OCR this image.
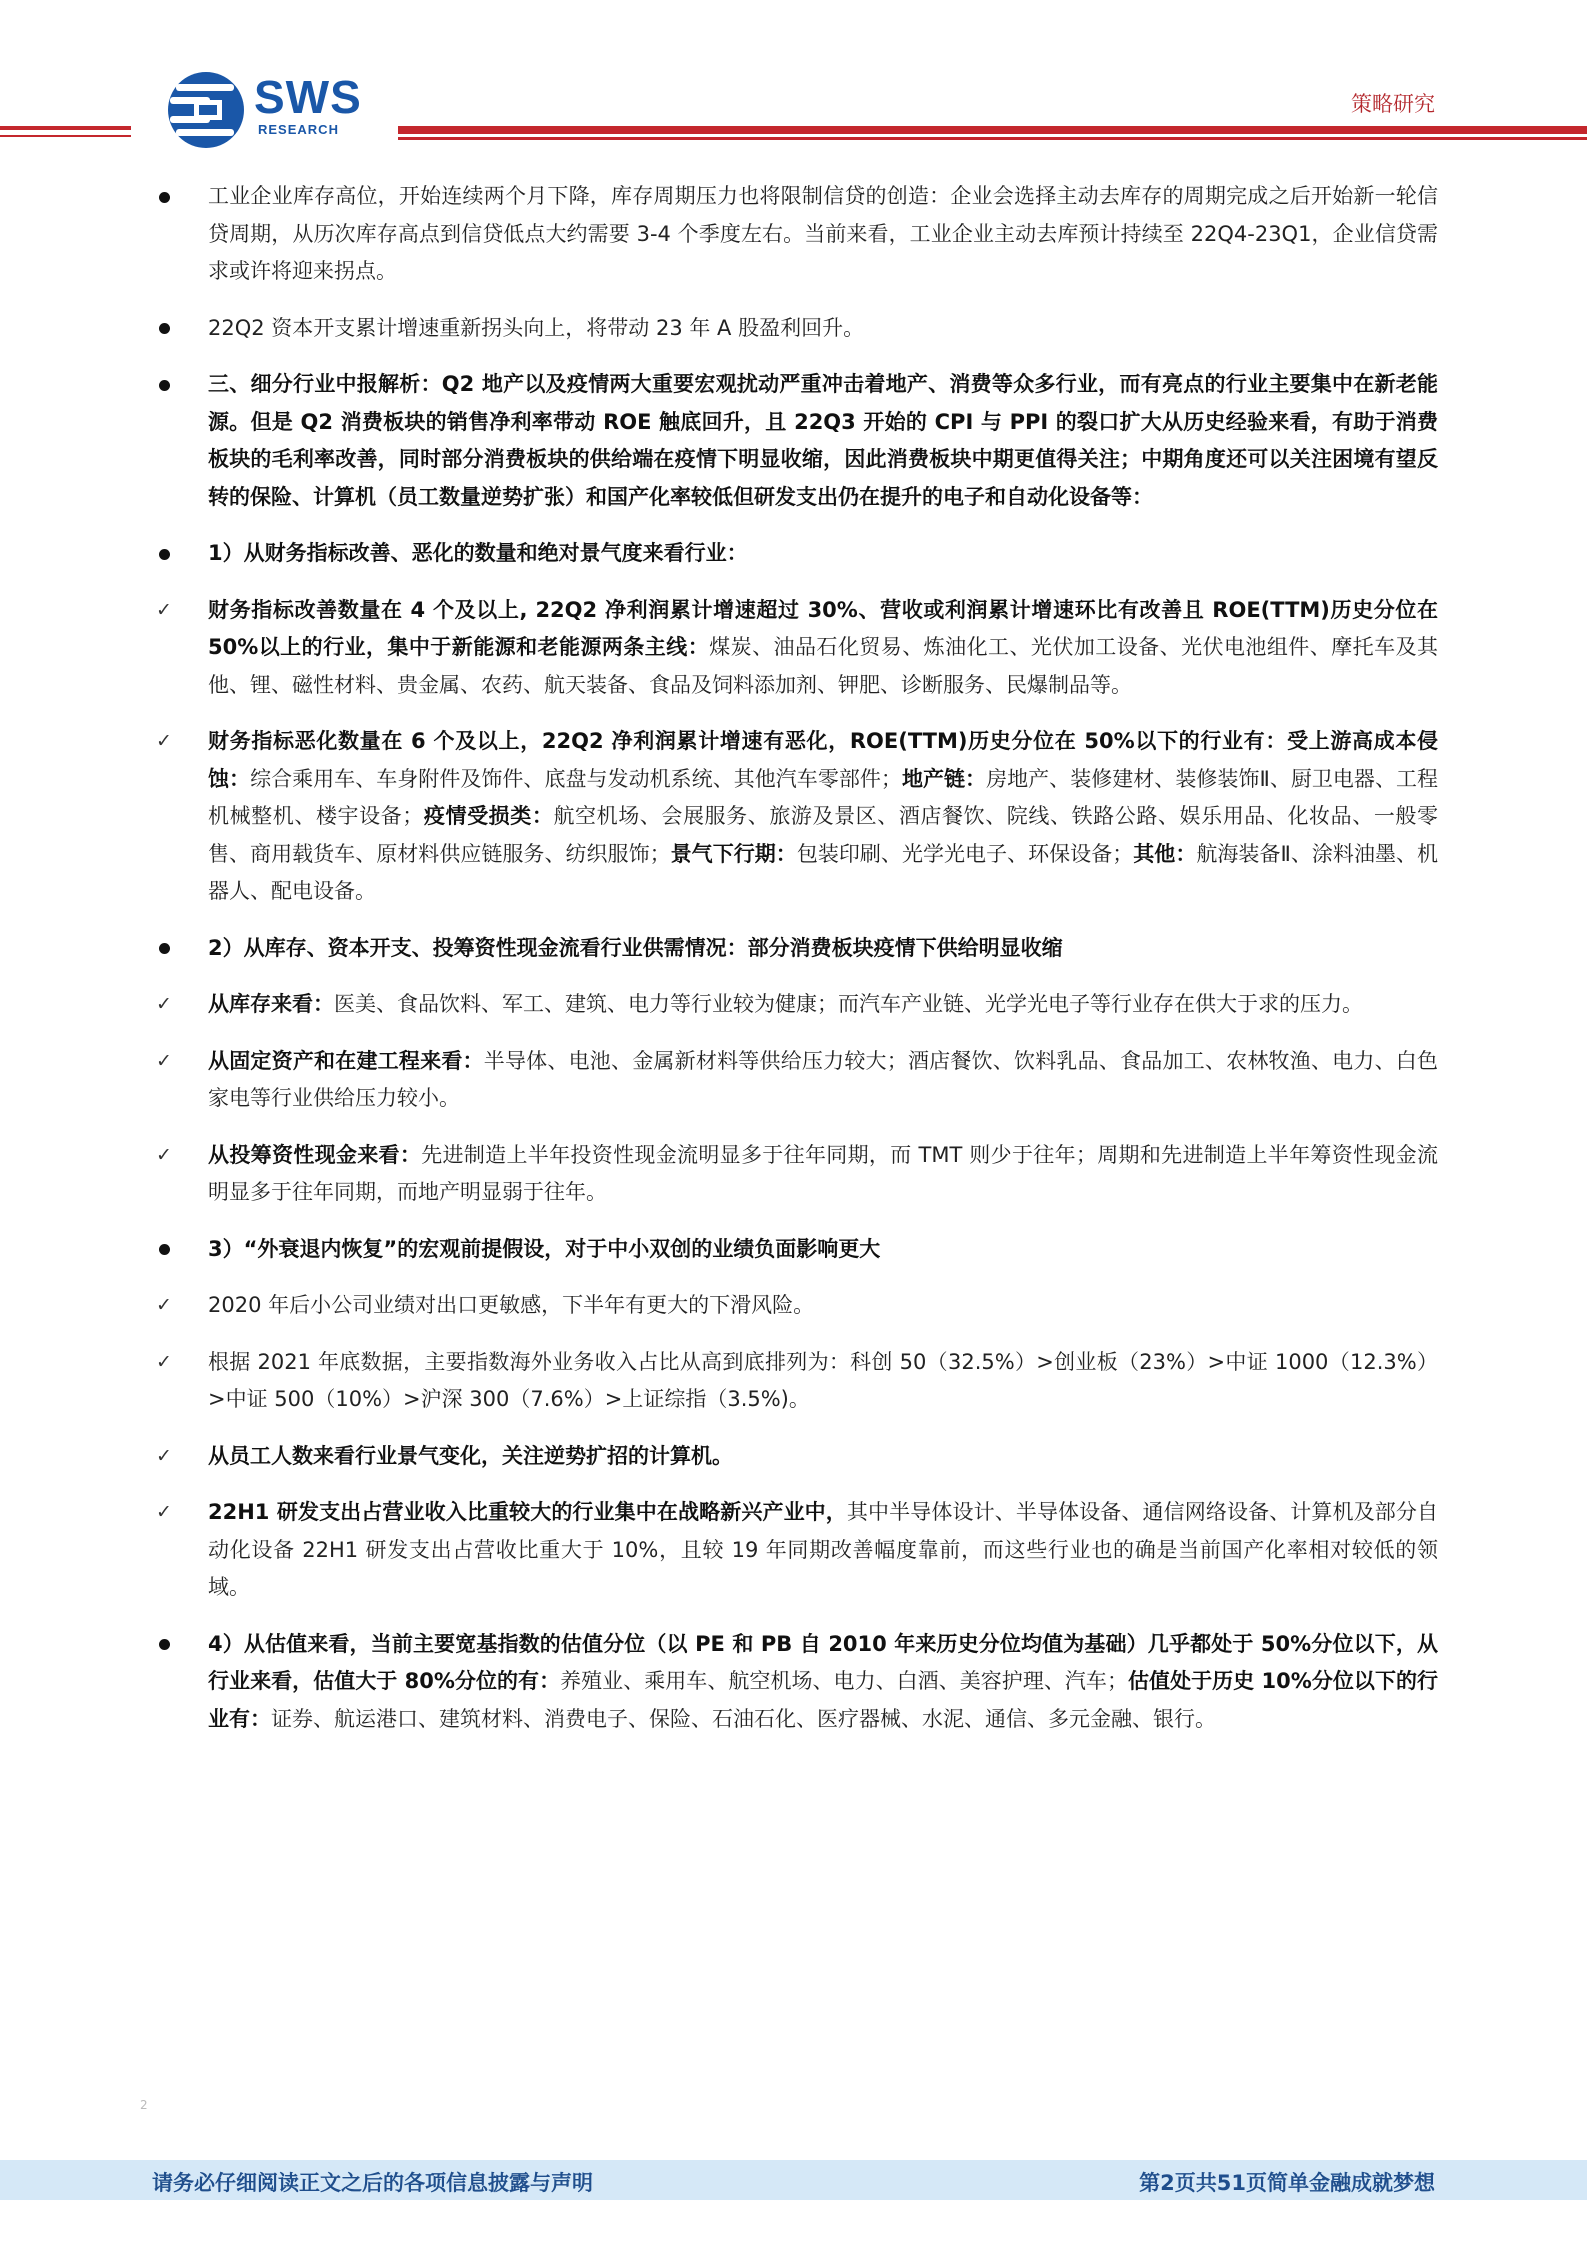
SWS
RESEARCH
策略研究
工业企业库存高位，开始连续两个月下降，库存周期压力也将限制信贷的创造：企业会选择主动去库存的周期完成之后开始新一轮信贷周期，从历次库存高点到信贷低点大约需要 3-4 个季度左右。当前来看，工业企业主动去库预计持续至 22Q4-23Q1，企业信贷需求或许将迎来拐点。
22Q2 资本开支累计增速重新拐头向上，将带动 23 年 A 股盈利回升。
三、细分行业中报解析：Q2 地产以及疫情两大重要宏观扰动严重冲击着地产、消费等众多行业，而有亮点的行业主要集中在新老能源。但是 Q2 消费板块的销售净利率带动 ROE 触底回升，且 22Q3 开始的 CPI 与 PPI 的裂口扩大从历史经验来看，有助于消费板块的毛利率改善，同时部分消费板块的供给端在疫情下明显收缩，因此消费板块中期更值得关注；中期角度还可以关注困境有望反转的保险、计算机（员工数量逆势扩张）和国产化率较低但研发支出仍在提升的电子和自动化设备等：
1）从财务指标改善、恶化的数量和绝对景气度来看行业：
✓ 财务指标改善数量在 4 个及以上, 22Q2 净利润累计增速超过 30%、营收或利润累计增速环比有改善且 ROE(TTM)历史分位在 50%以上的行业，集中于新能源和老能源两条主线：煤炭、油品石化贸易、炼油化工、光伏加工设备、光伏电池组件、摩托车及其他、锂、磁性材料、贵金属、农药、航天装备、食品及饲料添加剂、钾肥、诊断服务、民爆制品等。
✓ 财务指标恶化数量在 6 个及以上，22Q2 净利润累计增速有恶化，ROE(TTM)历史分位在 50%以下的行业有：受上游高成本侵蚀：综合乘用车、车身附件及饰件、底盘与发动机系统、其他汽车零部件；地产链：房地产、装修建材、装修装饰Ⅱ、厨卫电器、工程机械整机、楼宇设备；疫情受损类：航空机场、会展服务、旅游及景区、酒店餐饮、院线、铁路公路、娱乐用品、化妆品、一般零售、商用载货车、原材料供应链服务、纺织服饰；景气下行期：包装印刷、光学光电子、环保设备；其他：航海装备Ⅱ、涂料油墨、机器人、配电设备。
2）从库存、资本开支、投筹资性现金流看行业供需情况：部分消费板块疫情下供给明显收缩
✓ 从库存来看：医美、食品饮料、军工、建筑、电力等行业较为健康；而汽车产业链、光学光电子等行业存在供大于求的压力。
✓ 从固定资产和在建工程来看：半导体、电池、金属新材料等供给压力较大；酒店餐饮、饮料乳品、食品加工、农林牧渔、电力、白色家电等行业供给压力较小。
✓ 从投筹资性现金来看：先进制造上半年投资性现金流明显多于往年同期，而 TMT 则少于往年；周期和先进制造上半年筹资性现金流明显多于往年同期，而地产明显弱于往年。
3）“外衰退内恢复”的宏观前提假设，对于中小双创的业绩负面影响更大
✓ 2020 年后小公司业绩对出口更敏感，下半年有更大的下滑风险。
✓ 根据 2021 年底数据，主要指数海外业务收入占比从高到底排列为：科创 50（32.5%）>创业板（23%）>中证 1000（12.3%）>中证 500（10%）>沪深 300（7.6%）>上证综指（3.5%)。
✓ 从员工人数来看行业景气变化，关注逆势扩招的计算机。
✓ 22H1 研发支出占营业收入比重较大的行业集中在战略新兴产业中，其中半导体设计、半导体设备、通信网络设备、计算机及部分自动化设备 22H1 研发支出占营收比重大于 10%，且较 19 年同期改善幅度靠前，而这些行业也的确是当前国产化率相对较低的领域。
4）从估值来看，当前主要宽基指数的估值分位（以 PE 和 PB 自 2010 年来历史分位均值为基础）几乎都处于 50%分位以下，从行业来看，估值大于 80%分位的有：养殖业、乘用车、航空机场、电力、白酒、美容护理、汽车；估值处于历史 10%分位以下的行业有：证券、航运港口、建筑材料、消费电子、保险、石油石化、医疗器械、水泥、通信、多元金融、银行。
2
请务必仔细阅读正文之后的各项信息披露与声明	第2页共51页简单金融成就梦想
